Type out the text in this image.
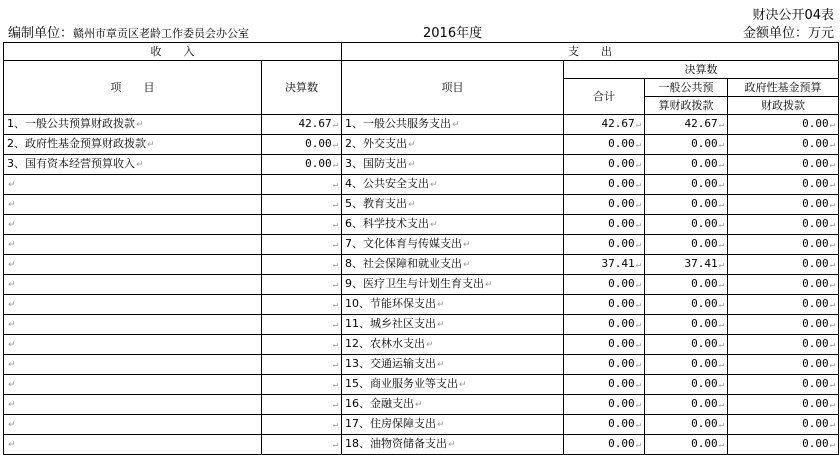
财决公开04表
编制单位：赣州市章贡区老龄工作委员会办公室	2016年度	金额单位：万元
收　　入		支　　出			
项　　目	决算数	项目	决算数		
			合计	一般公共预	政府性基金预算
				算财政拨款	财政拨款
1、一般公共预算财政拨款 ↵	42.67 ↵	1、一般公共服务支出 ↵	42.67 ↵	42.67 ↵	0.00 ↵
2、政府性基金预算财政拨款 ↵	0.00 ↵	2、外交支出 ↵	0.00 ↵	0.00 ↵	0.00 ↵
3、国有资本经营预算收入 ↵	0.00 ↵	3、国防支出 ↵	0.00 ↵	0.00 ↵	0.00 ↵
↵	↵	4、公共安全支出 ↵	0.00 ↵	0.00 ↵	0.00 ↵
↵	↵	5、教育支出 ↵	0.00 ↵	0.00 ↵	0.00 ↵
↵	↵	6、科学技术支出 ↵	0.00 ↵	0.00 ↵	0.00 ↵
↵	↵	7、文化体育与传媒支出 ↵	0.00 ↵	0.00 ↵	0.00 ↵
↵	↵	8、社会保障和就业支出 ↵	37.41 ↵	37.41 ↵	0.00 ↵
↵	↵	9、医疗卫生与计划生育支出 ↵	0.00 ↵	0.00 ↵	0.00 ↵
↵	↵	10、节能环保支出 ↵	0.00 ↵	0.00 ↵	0.00 ↵
↵	↵	11、城乡社区支出 ↵	0.00 ↵	0.00 ↵	0.00 ↵
↵	↵	12、农林水支出 ↵	0.00 ↵	0.00 ↵	0.00 ↵
↵	↵	13、交通运输支出 ↵	0.00 ↵	0.00 ↵	0.00 ↵
↵	↵	15、商业服务业等支出 ↵	0.00 ↵	0.00 ↵	0.00 ↵
↵	↵	16、金融支出 ↵	0.00 ↵	0.00 ↵	0.00 ↵
↵	↵	17、住房保障支出 ↵	0.00 ↵	0.00 ↵	0.00 ↵
↵	↵	18、油物资储备支出 ↵	0.00 ↵	0.00 ↵	0.00 ↵
